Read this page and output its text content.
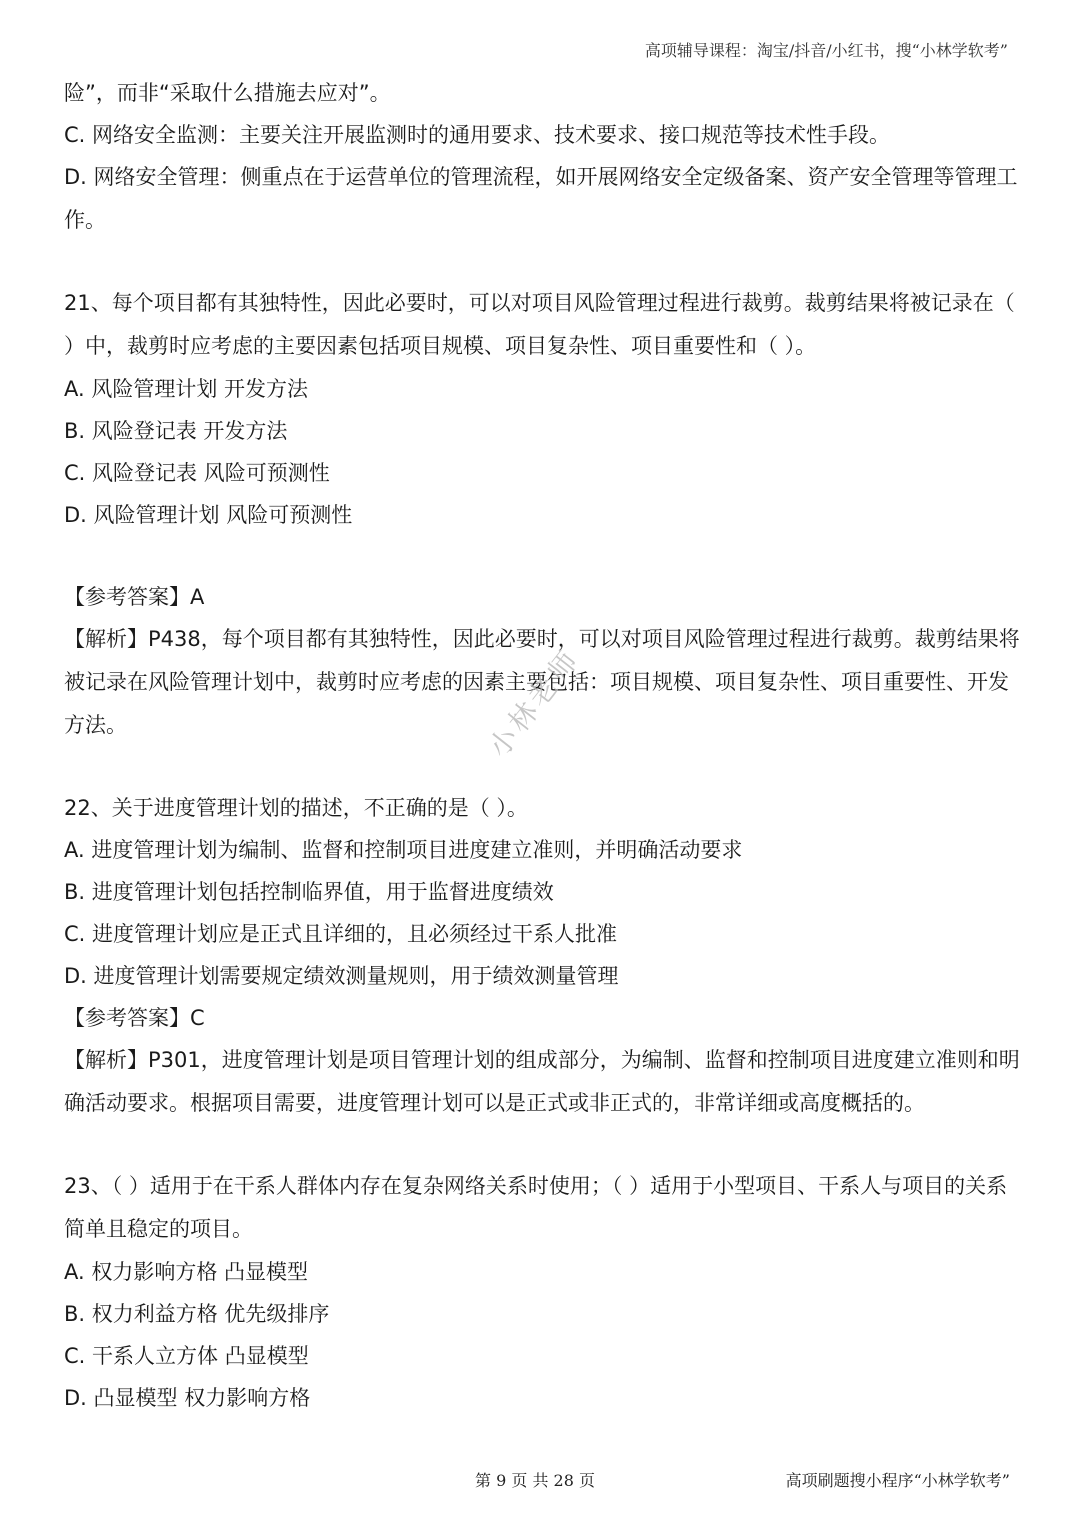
高项辅导课程：淘宝/抖音/小红书，搜“小林学软考”
险”，而非“采取什么措施去应对”。
C. 网络安全监测：主要关注开展监测时的通用要求、技术要求、接口规范等技术性手段。
D. 网络安全管理：侧重点在于运营单位的管理流程，如开展网络安全定级备案、资产安全管理等管理工作。
21、每个项目都有其独特性，因此必要时，可以对项目风险管理过程进行裁剪。裁剪结果将被记录在（ ）中，裁剪时应考虑的主要因素包括项目规模、项目复杂性、项目重要性和（ ）。
A. 风险管理计划 开发方法
B. 风险登记表 开发方法
C. 风险登记表 风险可预测性
D. 风险管理计划 风险可预测性
【参考答案】A
【解析】P438，每个项目都有其独特性，因此必要时，可以对项目风险管理过程进行裁剪。裁剪结果将被记录在风险管理计划中，裁剪时应考虑的因素主要包括：项目规模、项目复杂性、项目重要性、开发方法。
22、关于进度管理计划的描述，不正确的是（ ）。
A. 进度管理计划为编制、监督和控制项目进度建立准则，并明确活动要求
B. 进度管理计划包括控制临界值，用于监督进度绩效
C. 进度管理计划应是正式且详细的，且必须经过干系人批准
D. 进度管理计划需要规定绩效测量规则，用于绩效测量管理
【参考答案】C
【解析】P301，进度管理计划是项目管理计划的组成部分，为编制、监督和控制项目进度建立准则和明确活动要求。根据项目需要，进度管理计划可以是正式或非正式的，非常详细或高度概括的。
23、（ ）适用于在干系人群体内存在复杂网络关系时使用；（ ）适用于小型项目、干系人与项目的关系简单且稳定的项目。
A. 权力影响方格 凸显模型
B. 权力利益方格 优先级排序
C. 干系人立方体 凸显模型
D. 凸显模型 权力影响方格
小林老师
第 9 页 共 28 页	高项刷题搜小程序“小林学软考”
